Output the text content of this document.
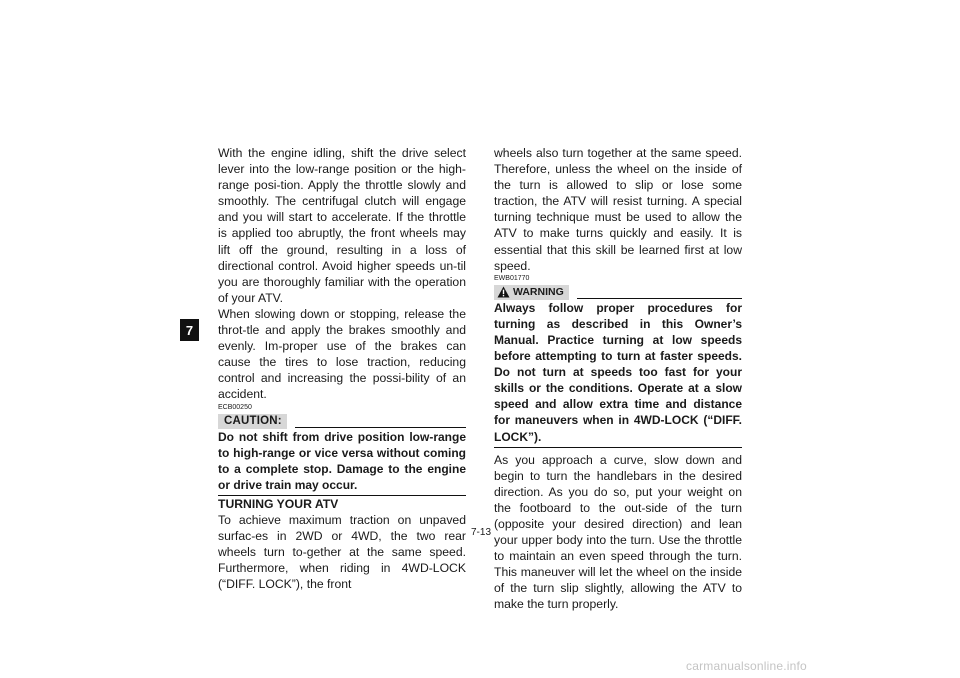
7

With the engine idling, shift the drive select lever into the low-range position or the high-range posi-tion. Apply the throttle slowly and smoothly. The centrifugal clutch will engage and you will start to accelerate. If the throttle is applied too abruptly, the front wheels may lift off the ground, resulting in a loss of directional control. Avoid higher speeds un-til you are thoroughly familiar with the operation of your ATV.

When slowing down or stopping, release the throt-tle and apply the brakes smoothly and evenly. Im-proper use of the brakes can cause the tires to lose traction, reducing control and increasing the possi-bility of an accident.

ECB00250
CAUTION:

Do not shift from drive position low-range to high-range or vice versa without coming to a complete stop. Damage to the engine or drive train may occur.

TURNING YOUR ATV

To achieve maximum traction on unpaved surfac-es in 2WD or 4WD, the two rear wheels turn to-gether at the same speed. Furthermore, when riding in 4WD-LOCK (“DIFF. LOCK”), the front

wheels also turn together at the same speed. Therefore, unless the wheel on the inside of the turn is allowed to slip or lose some traction, the ATV will resist turning. A special turning technique must be used to allow the ATV to make turns quickly and easily. It is essential that this skill be learned first at low speed.

EWB01770
WARNING

Always follow proper procedures for turning as described in this Owner’s Manual. Practice turning at low speeds before attempting to turn at faster speeds. Do not turn at speeds too fast for your skills or the conditions. Operate at a slow speed and allow extra time and distance for maneuvers when in 4WD-LOCK (“DIFF. LOCK”).

As you approach a curve, slow down and begin to turn the handlebars in the desired direction. As you do so, put your weight on the footboard to the out-side of the turn (opposite your desired direction) and lean your upper body into the turn. Use the throttle to maintain an even speed through the turn. This maneuver will let the wheel on the inside of the turn slip slightly, allowing the ATV to make the turn properly.

7-13
carmanualsonline.info
